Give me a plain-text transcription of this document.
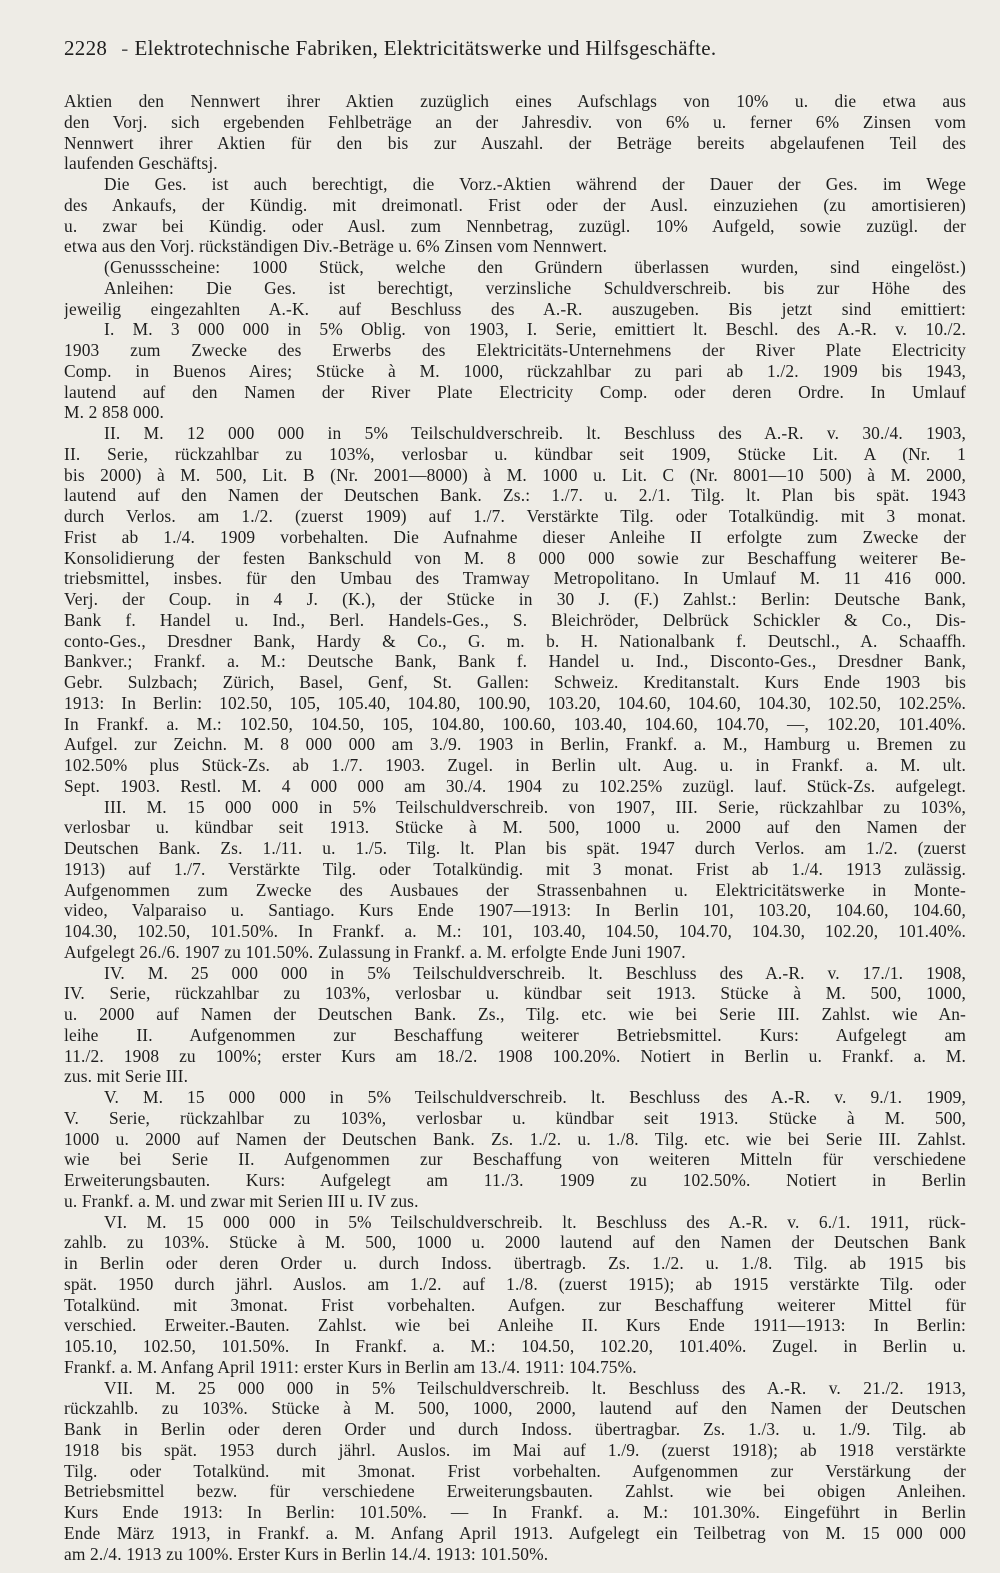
2228 - Elektrotechnische Fabriken, Elektricitätswerke und Hilfsgeschäfte.
Aktien den Nennwert ihrer Aktien zuzüglich eines Aufschlags von 10% u. die etwa aus
den Vorj. sich ergebenden Fehlbeträge an der Jahresdiv. von 6% u. ferner 6% Zinsen vom
Nennwert ihrer Aktien für den bis zur Auszahl. der Beträge bereits abgelaufenen Teil des
laufenden Geschäftsj.
Die Ges. ist auch berechtigt, die Vorz.-Aktien während der Dauer der Ges. im Wege
des Ankaufs, der Kündig. mit dreimonatl. Frist oder der Ausl. einzuziehen (zu amortisieren)
u. zwar bei Kündig. oder Ausl. zum Nennbetrag, zuzügl. 10% Aufgeld, sowie zuzügl. der
etwa aus den Vorj. rückständigen Div.-Beträge u. 6% Zinsen vom Nennwert.
(Genussscheine: 1000 Stück, welche den Gründern überlassen wurden, sind eingelöst.)
Anleihen: Die Ges. ist berechtigt, verzinsliche Schuldverschreib. bis zur Höhe des
jeweilig eingezahlten A.-K. auf Beschluss des A.-R. auszugeben. Bis jetzt sind emittiert:
I. M. 3 000 000 in 5% Oblig. von 1903, I. Serie, emittiert lt. Beschl. des A.-R. v. 10./2.
1903 zum Zwecke des Erwerbs des Elektricitäts-Unternehmens der River Plate Electricity
Comp. in Buenos Aires; Stücke à M. 1000, rückzahlbar zu pari ab 1./2. 1909 bis 1943,
lautend auf den Namen der River Plate Electricity Comp. oder deren Ordre. In Umlauf
M. 2 858 000.
II. M. 12 000 000 in 5% Teilschuldverschreib. lt. Beschluss des A.-R. v. 30./4. 1903,
II. Serie, rückzahlbar zu 103%, verlosbar u. kündbar seit 1909, Stücke Lit. A (Nr. 1
bis 2000) à M. 500, Lit. B (Nr. 2001—8000) à M. 1000 u. Lit. C (Nr. 8001—10 500) à M. 2000,
lautend auf den Namen der Deutschen Bank. Zs.: 1./7. u. 2./1. Tilg. lt. Plan bis spät. 1943
durch Verlos. am 1./2. (zuerst 1909) auf 1./7. Verstärkte Tilg. oder Totalkündig. mit 3 monat.
Frist ab 1./4. 1909 vorbehalten. Die Aufnahme dieser Anleihe II erfolgte zum Zwecke der
Konsolidierung der festen Bankschuld von M. 8 000 000 sowie zur Beschaffung weiterer Be-
triebsmittel, insbes. für den Umbau des Tramway Metropolitano. In Umlauf M. 11 416 000.
Verj. der Coup. in 4 J. (K.), der Stücke in 30 J. (F.) Zahlst.: Berlin: Deutsche Bank,
Bank f. Handel u. Ind., Berl. Handels-Ges., S. Bleichröder, Delbrück Schickler & Co., Dis-
conto-Ges., Dresdner Bank, Hardy & Co., G. m. b. H. Nationalbank f. Deutschl., A. Schaaffh.
Bankver.; Frankf. a. M.: Deutsche Bank, Bank f. Handel u. Ind., Disconto-Ges., Dresdner Bank,
Gebr. Sulzbach; Zürich, Basel, Genf, St. Gallen: Schweiz. Kreditanstalt. Kurs Ende 1903 bis
1913: In Berlin: 102.50, 105, 105.40, 104.80, 100.90, 103.20, 104.60, 104.60, 104.30, 102.50, 102.25%.
In Frankf. a. M.: 102.50, 104.50, 105, 104.80, 100.60, 103.40, 104.60, 104.70, —, 102.20, 101.40%.
Aufgel. zur Zeichn. M. 8 000 000 am 3./9. 1903 in Berlin, Frankf. a. M., Hamburg u. Bremen zu
102.50% plus Stück-Zs. ab 1./7. 1903. Zugel. in Berlin ult. Aug. u. in Frankf. a. M. ult.
Sept. 1903. Restl. M. 4 000 000 am 30./4. 1904 zu 102.25% zuzügl. lauf. Stück-Zs. aufgelegt.
III. M. 15 000 000 in 5% Teilschuldverschreib. von 1907, III. Serie, rückzahlbar zu 103%,
verlosbar u. kündbar seit 1913. Stücke à M. 500, 1000 u. 2000 auf den Namen der
Deutschen Bank. Zs. 1./11. u. 1./5. Tilg. lt. Plan bis spät. 1947 durch Verlos. am 1./2. (zuerst
1913) auf 1./7. Verstärkte Tilg. oder Totalkündig. mit 3 monat. Frist ab 1./4. 1913 zulässig.
Aufgenommen zum Zwecke des Ausbaues der Strassenbahnen u. Elektricitätswerke in Monte-
video, Valparaiso u. Santiago. Kurs Ende 1907—1913: In Berlin 101, 103.20, 104.60, 104.60,
104.30, 102.50, 101.50%. In Frankf. a. M.: 101, 103.40, 104.50, 104.70, 104.30, 102.20, 101.40%.
Aufgelegt 26./6. 1907 zu 101.50%. Zulassung in Frankf. a. M. erfolgte Ende Juni 1907.
IV. M. 25 000 000 in 5% Teilschuldverschreib. lt. Beschluss des A.-R. v. 17./1. 1908,
IV. Serie, rückzahlbar zu 103%, verlosbar u. kündbar seit 1913. Stücke à M. 500, 1000,
u. 2000 auf Namen der Deutschen Bank. Zs., Tilg. etc. wie bei Serie III. Zahlst. wie An-
leihe II. Aufgenommen zur Beschaffung weiterer Betriebsmittel. Kurs: Aufgelegt am
11./2. 1908 zu 100%; erster Kurs am 18./2. 1908 100.20%. Notiert in Berlin u. Frankf. a. M.
zus. mit Serie III.
V. M. 15 000 000 in 5% Teilschuldverschreib. lt. Beschluss des A.-R. v. 9./1. 1909,
V. Serie, rückzahlbar zu 103%, verlosbar u. kündbar seit 1913. Stücke à M. 500,
1000 u. 2000 auf Namen der Deutschen Bank. Zs. 1./2. u. 1./8. Tilg. etc. wie bei Serie III. Zahlst.
wie bei Serie II. Aufgenommen zur Beschaffung von weiteren Mitteln für verschiedene
Erweiterungsbauten. Kurs: Aufgelegt am 11./3. 1909 zu 102.50%. Notiert in Berlin
u. Frankf. a. M. und zwar mit Serien III u. IV zus.
VI. M. 15 000 000 in 5% Teilschuldverschreib. lt. Beschluss des A.-R. v. 6./1. 1911, rück-
zahlb. zu 103%. Stücke à M. 500, 1000 u. 2000 lautend auf den Namen der Deutschen Bank
in Berlin oder deren Order u. durch Indoss. übertragb. Zs. 1./2. u. 1./8. Tilg. ab 1915 bis
spät. 1950 durch jährl. Auslos. am 1./2. auf 1./8. (zuerst 1915); ab 1915 verstärkte Tilg. oder
Totalkünd. mit 3monat. Frist vorbehalten. Aufgen. zur Beschaffung weiterer Mittel für
verschied. Erweiter.-Bauten. Zahlst. wie bei Anleihe II. Kurs Ende 1911—1913: In Berlin:
105.10, 102.50, 101.50%. In Frankf. a. M.: 104.50, 102.20, 101.40%. Zugel. in Berlin u.
Frankf. a. M. Anfang April 1911: erster Kurs in Berlin am 13./4. 1911: 104.75%.
VII. M. 25 000 000 in 5% Teilschuldverschreib. lt. Beschluss des A.-R. v. 21./2. 1913,
rückzahlb. zu 103%. Stücke à M. 500, 1000, 2000, lautend auf den Namen der Deutschen
Bank in Berlin oder deren Order und durch Indoss. übertragbar. Zs. 1./3. u. 1./9. Tilg. ab
1918 bis spät. 1953 durch jährl. Auslos. im Mai auf 1./9. (zuerst 1918); ab 1918 verstärkte
Tilg. oder Totalkünd. mit 3monat. Frist vorbehalten. Aufgenommen zur Verstärkung der
Betriebsmittel bezw. für verschiedene Erweiterungsbauten. Zahlst. wie bei obigen Anleihen.
Kurs Ende 1913: In Berlin: 101.50%. — In Frankf. a. M.: 101.30%. Eingeführt in Berlin
Ende März 1913, in Frankf. a. M. Anfang April 1913. Aufgelegt ein Teilbetrag von M. 15 000 000
am 2./4. 1913 zu 100%. Erster Kurs in Berlin 14./4. 1913: 101.50%.
